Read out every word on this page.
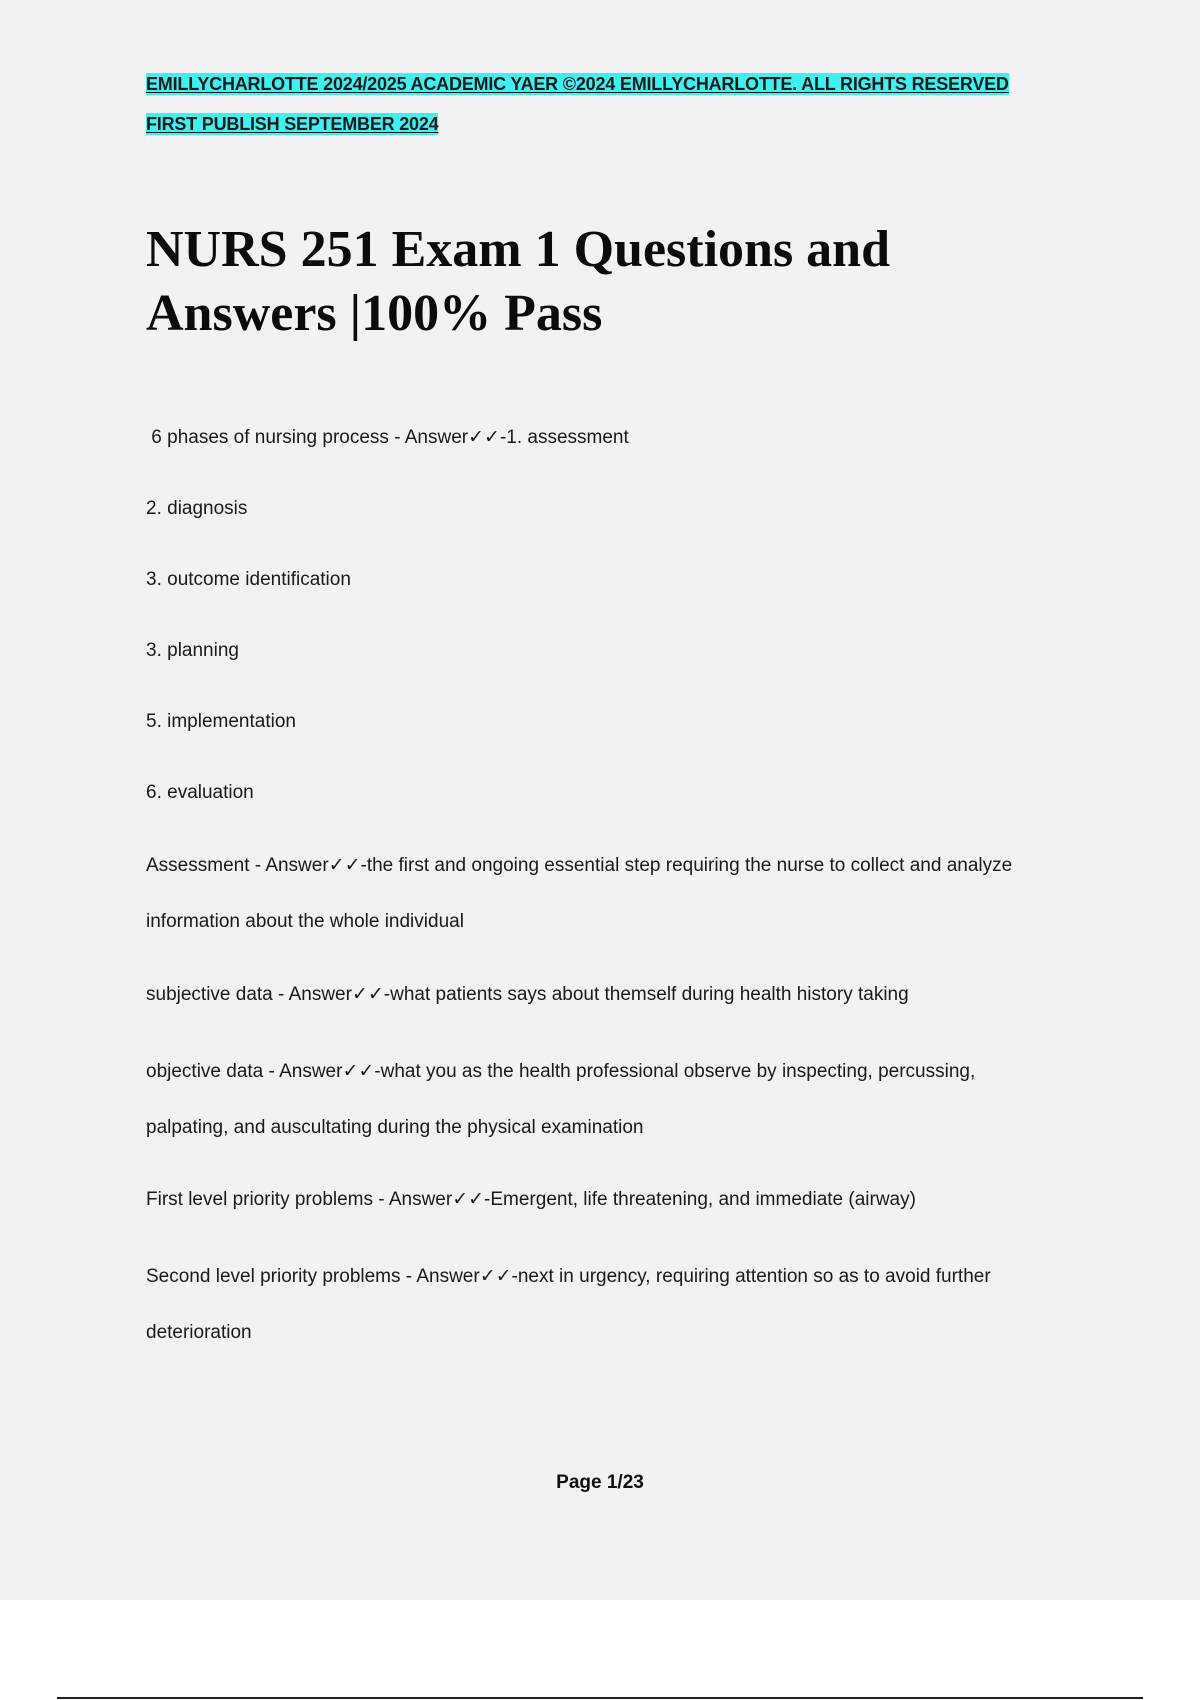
EMILLYCHARLOTTE 2024/2025 ACADEMIC YAER ©2024 EMILLYCHARLOTTE. ALL RIGHTS RESERVED
FIRST PUBLISH SEPTEMBER 2024
NURS 251 Exam 1 Questions and
Answers |100% Pass
6 phases of nursing process - Answer✓✓-1. assessment
2. diagnosis
3. outcome identification
3. planning
5. implementation
6. evaluation
Assessment - Answer✓✓-the first and ongoing essential step requiring the nurse to collect and analyze
information about the whole individual
subjective data - Answer✓✓-what patients says about themself during health history taking
objective data - Answer✓✓-what you as the health professional observe by inspecting, percussing,
palpating, and auscultating during the physical examination
First level priority problems - Answer✓✓-Emergent, life threatening, and immediate (airway)
Second level priority problems - Answer✓✓-next in urgency, requiring attention so as to avoid further
deterioration
Page 1/23
